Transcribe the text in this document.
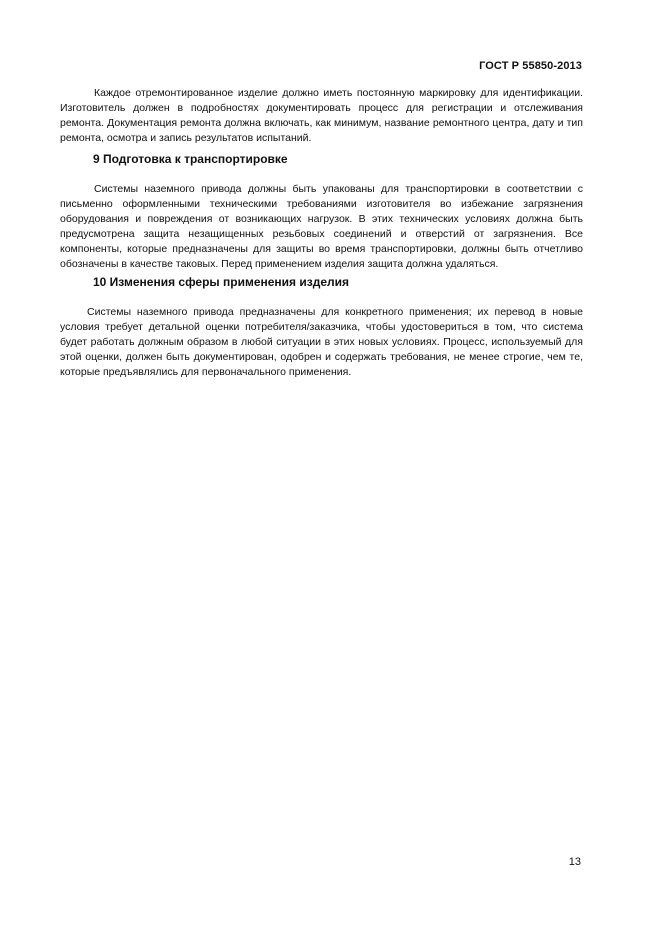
ГОСТ Р 55850-2013
Каждое отремонтированное изделие должно иметь постоянную маркировку для идентификации. Изготовитель должен в подробностях документировать процесс для регистрации и отслеживания ремонта. Документация ремонта должна включать, как минимум, название ремонтного центра, дату и тип ремонта, осмотра и запись результатов испытаний.
9 Подготовка к транспортировке
Системы наземного привода должны быть упакованы для транспортировки в соответствии с письменно оформленными техническими требованиями изготовителя во избежание загрязнения оборудования и повреждения от возникающих нагрузок. В этих технических условиях должна быть предусмотрена защита незащищенных резьбовых соединений и отверстий от загрязнения. Все компоненты, которые предназначены для защиты во время транспортировки, должны быть отчетливо обозначены в качестве таковых. Перед применением изделия защита должна удаляться.
10 Изменения сферы применения изделия
Системы наземного привода предназначены для конкретного применения; их перевод в новые условия требует детальной оценки потребителя/заказчика, чтобы удостовериться в том, что система будет работать должным образом в любой ситуации в этих новых условиях. Процесс, используемый для этой оценки, должен быть документирован, одобрен и содержать требования, не менее строгие, чем те, которые предъявлялись для первоначального применения.
13
